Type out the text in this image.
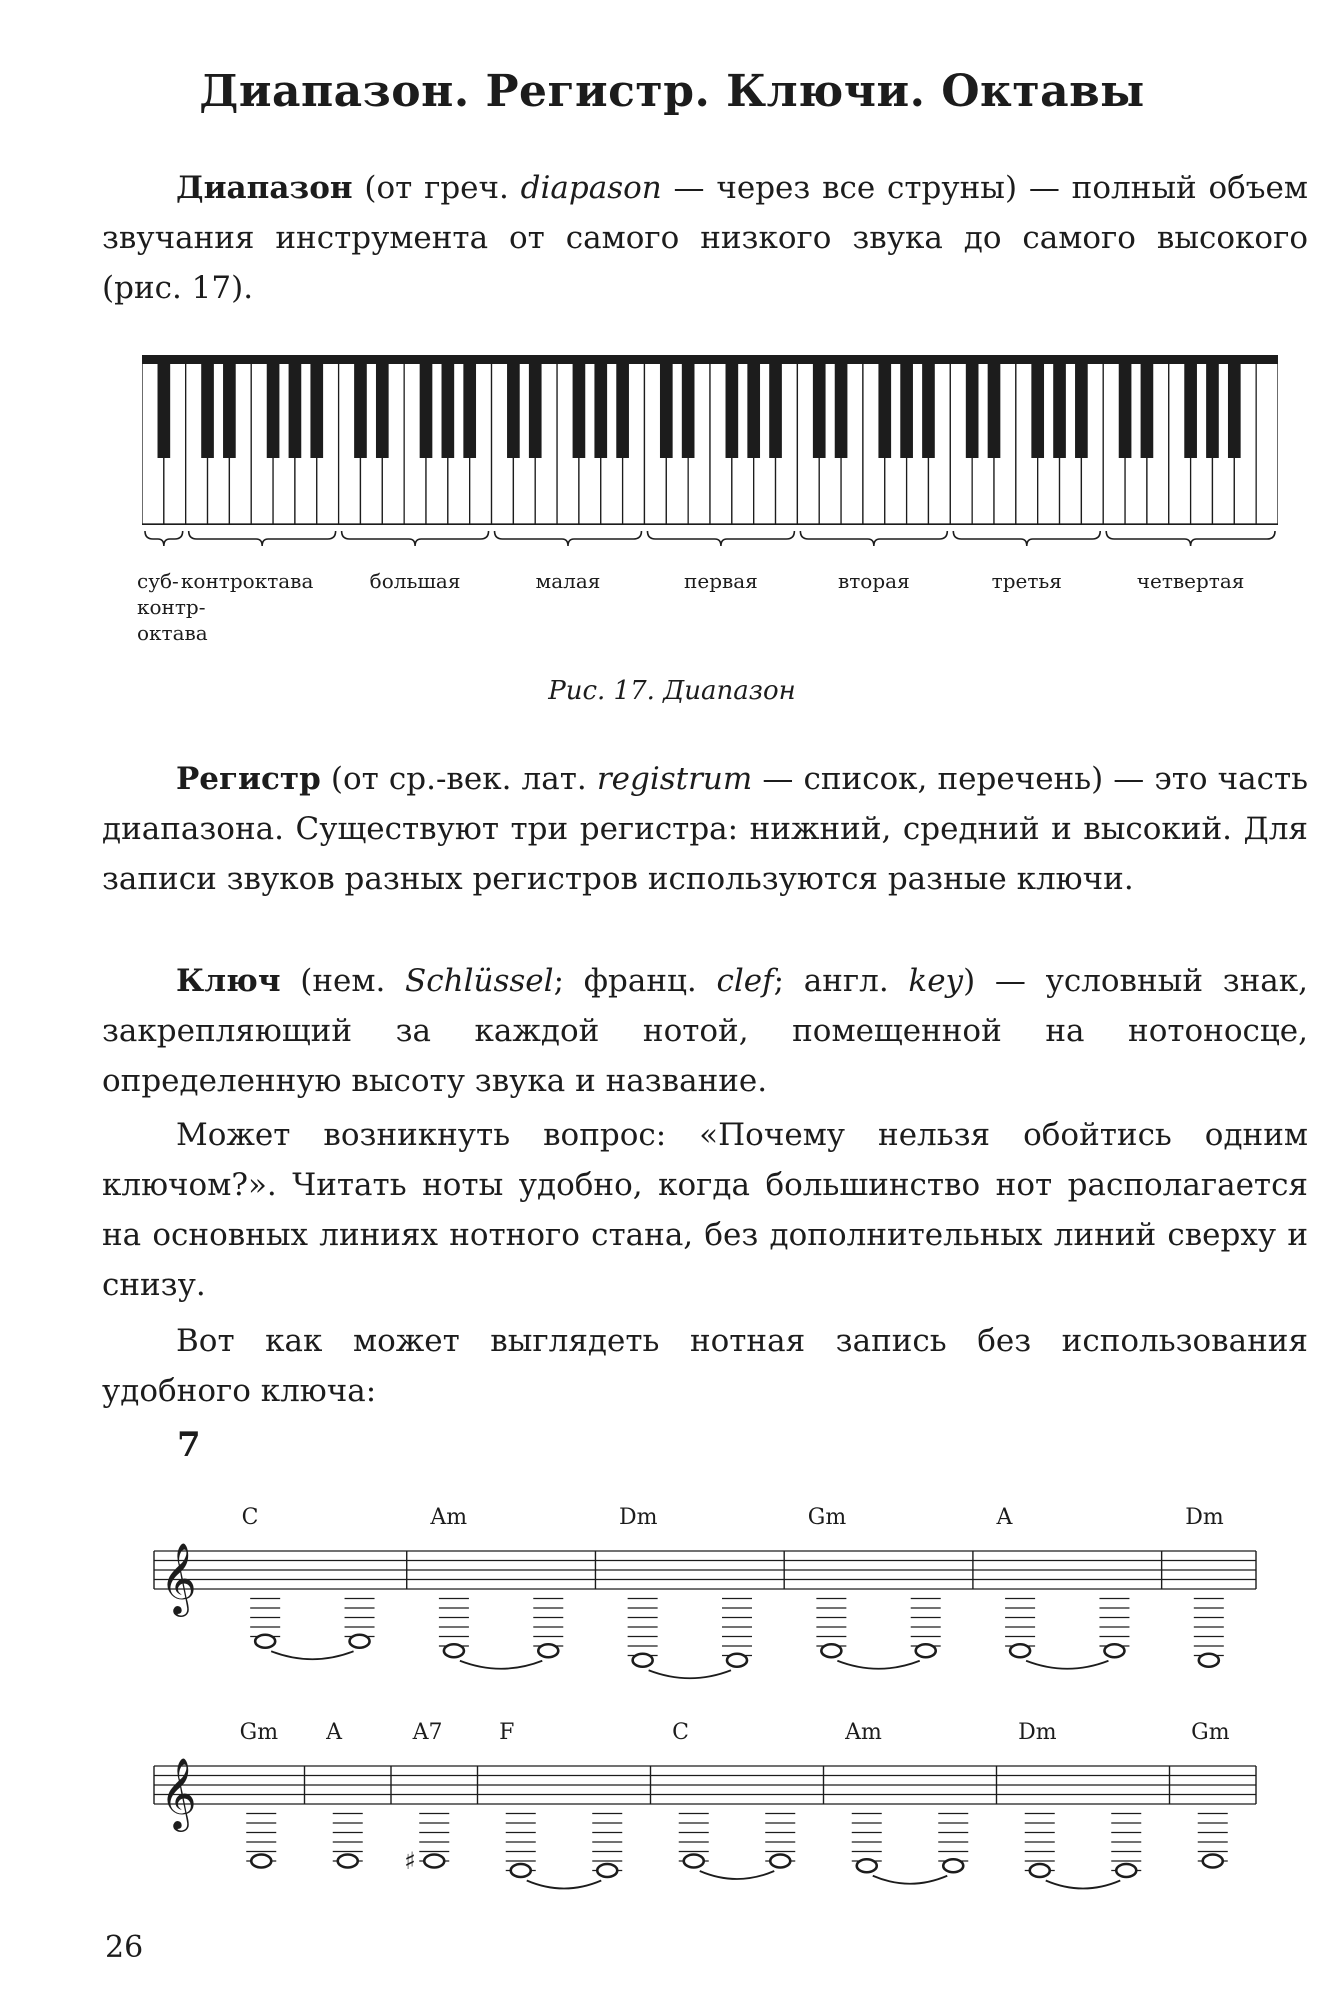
Диапазон. Регистр. Ключи. Октавы

Диапазон (от греч. diapason — через все струны) — полный объем звучания инструмента от самого низкого звука до самого высокого (рис. 17).

суб-
контр-
октава
контроктава	большая	малая	первая	вторая	третья	четвертая
Рис. 17. Диапазон

Регистр (от ср.-век. лат. registrum — список, перечень) — это часть диапазона. Существуют три регистра: нижний, средний и высокий. Для записи звуков разных регистров используются разные ключи.

Ключ (нем. Schlüssel; франц. clef; англ. key) — условный знак, закрепляющий за каждой нотой, помещенной на нотоносце, определенную высоту звука и название.

Может возникнуть вопрос: «Почему нельзя обойтись одним ключом?». Читать ноты удобно, когда большинство нот располагается на основных линиях нотного стана, без дополнительных линий сверху и снизу.

Вот как может выглядеть нотная запись без использования удобного ключа:

7
C	Am	Dm	Gm	A	Dm
𝄞
Gm A	A7	F	C	Am	Dm	Gm
𝄞
♯
26
